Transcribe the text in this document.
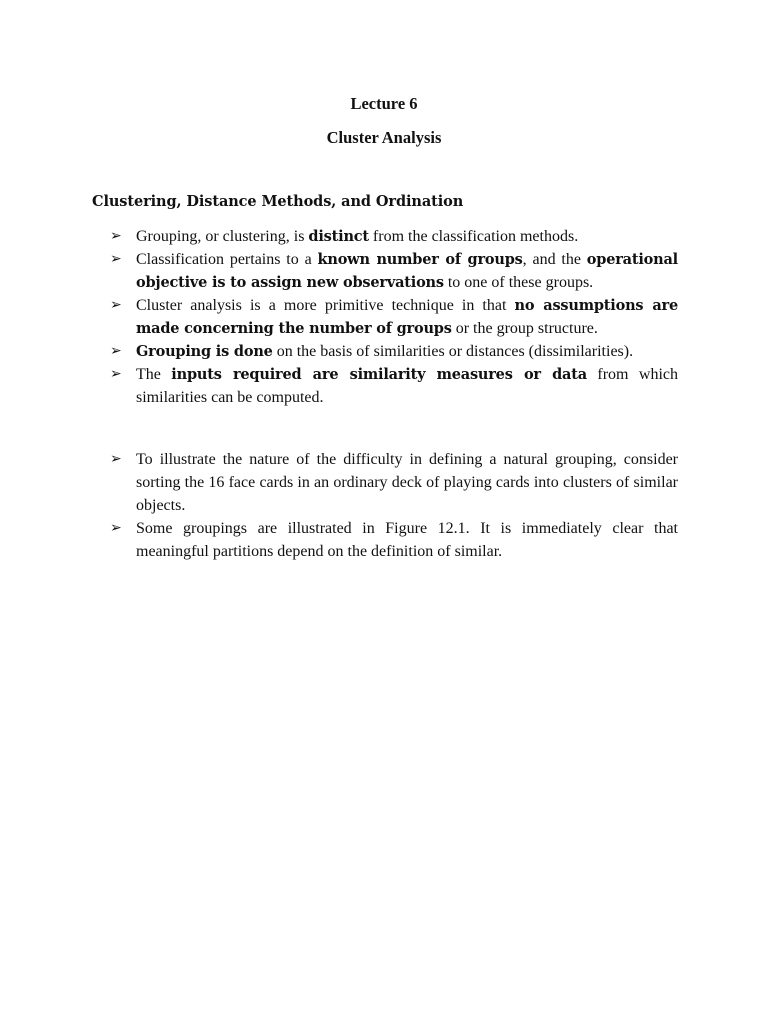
Lecture 6
Cluster Analysis
Clustering, Distance Methods, and Ordination
➢ Grouping, or clustering, is distinct from the classification methods.
➢ Classification pertains to a known number of groups, and the operational objective is to assign new observations to one of these groups.
➢ Cluster analysis is a more primitive technique in that no assumptions are made concerning the number of groups or the group structure.
➢ Grouping is done on the basis of similarities or distances (dissimilarities).
➢ The inputs required are similarity measures or data from which similarities can be computed.
➢ To illustrate the nature of the difficulty in defining a natural grouping, consider sorting the 16 face cards in an ordinary deck of playing cards into clusters of similar objects.
➢ Some groupings are illustrated in Figure 12.1. It is immediately clear that meaningful partitions depend on the definition of similar.
